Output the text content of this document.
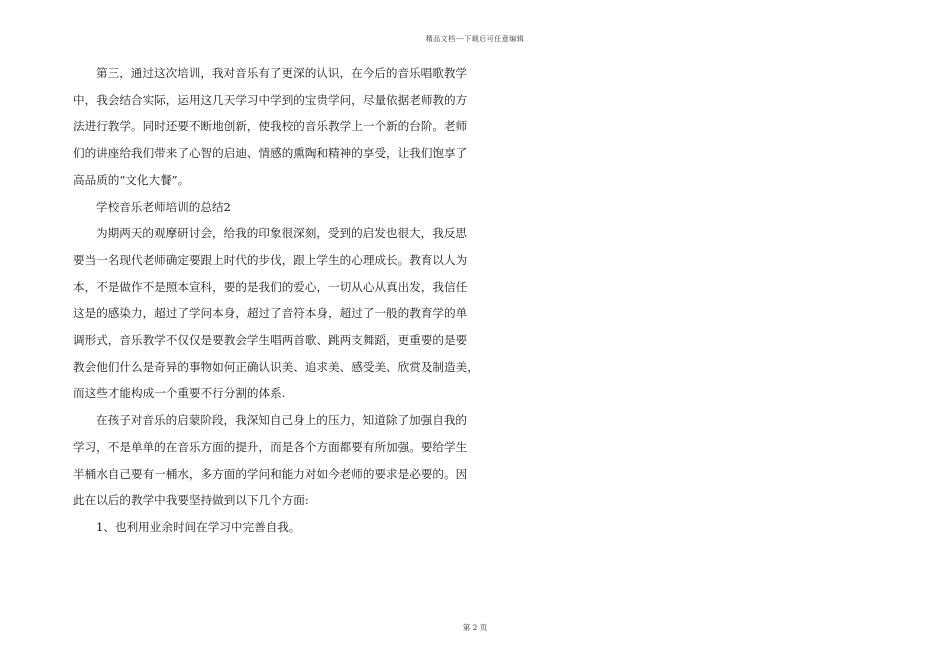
精品文档---下载后可任意编辑

第三，通过这次培训，我对音乐有了更深的认识，在今后的音乐唱歌教学
中，我会结合实际，运用这几天学习中学到的宝贵学问，尽量依据老师教的方
法进行教学。同时还要不断地创新，使我校的音乐教学上一个新的台阶。老师
们的讲座给我们带来了心智的启迪、情感的熏陶和精神的享受，让我们饱享了
高品质的“文化大餐”。

学校音乐老师培训的总结2

为期两天的观摩研讨会，给我的印象很深刻，受到的启发也很大，我反思
要当一名现代老师确定要跟上时代的步伐，跟上学生的心理成长。教育以人为
本，不是做作不是照本宣科，要的是我们的爱心，一切从心从真出发，我信任
这是的感染力，超过了学问本身，超过了音符本身，超过了一般的教育学的单
调形式，音乐教学不仅仅是要教会学生唱两首歌、跳两支舞蹈，更重要的是要
教会他们什么是奇异的事物如何正确认识美、追求美、感受美、欣赏及制造美，
而这些才能构成一个重要不行分割的体系.

在孩子对音乐的启蒙阶段，我深知自己身上的压力，知道除了加强自我的
学习，不是单单的在音乐方面的提升，而是各个方面都要有所加强。要给学生
半桶水自己要有一桶水，多方面的学问和能力对如今老师的要求是必要的。因
此在以后的教学中我要坚持做到以下几个方面:

1、也利用业余时间在学习中完善自我。

第 2 页
